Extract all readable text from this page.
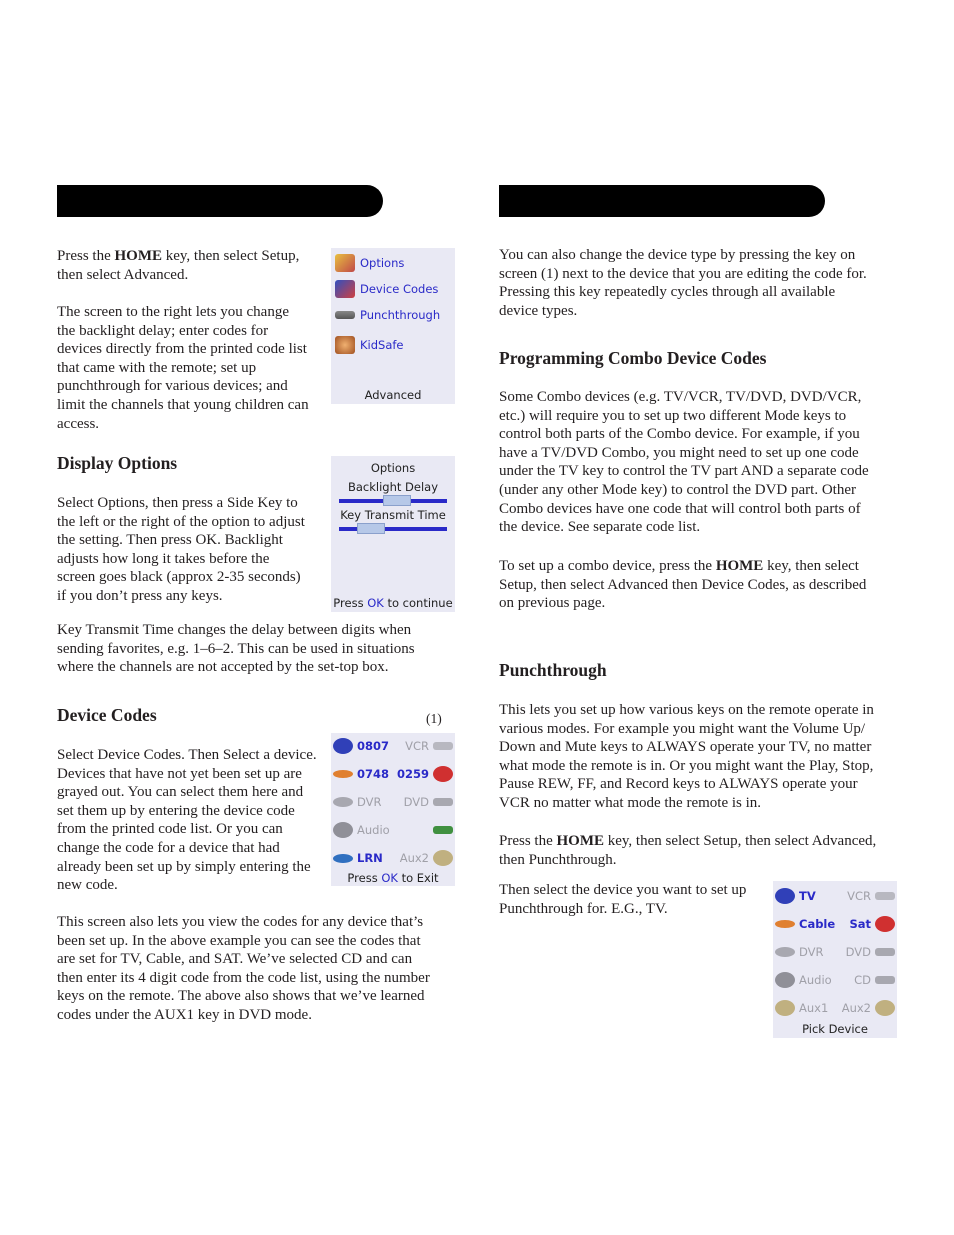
Press the HOME key, then select Setup,
then select Advanced.
The screen to the right lets you change
the backlight delay; enter codes for
devices directly from the printed code list
that came with the remote; set up
punchthrough for various devices; and
limit the channels that young children can
access.
Display Options
Select Options, then press a Side Key to
the left or the right of the option to adjust
the setting. Then press OK. Backlight
adjusts how long it takes before the
screen goes black (approx 2-35 seconds)
if you don’t press any keys.
Key Transmit Time changes the delay between digits when
sending favorites, e.g. 1–6–2. This can be used in situations
where the channels are not accepted by the set-top box.
Device Codes	(1)
Select Device Codes. Then Select a device.
Devices that have not yet been set up are
grayed out. You can select them here and
set them up by entering the device code
from the printed code list. Or you can
change the code for a device that had
already been set up by simply entering the
new code.
This screen also lets you view the codes for any device that’s
been set up. In the above example you can see the codes that
are set for TV, Cable, and SAT. We’ve selected CD and can
then enter its 4 digit code from the code list, using the number
keys on the remote. The above also shows that we’ve learned
codes under the AUX1 key in DVD mode.
Options
Device Codes
Punchthrough
KidSafe
Advanced
Options
Backlight Delay
Key Transmit Time
Press OK to continue
0807 VCR
0748 0259
DVR DVD
Audio
LRN Aux2
Press OK to Exit
You can also change the device type by pressing the key on
screen (1) next to the device that you are editing the code for.
Pressing this key repeatedly cycles through all available
device types.
Programming Combo Device Codes
Some Combo devices (e.g. TV/VCR, TV/DVD, DVD/VCR,
etc.) will require you to set up two different Mode keys to
control both parts of the Combo device. For example, if you
have a TV/DVD Combo, you might need to set up one code
under the TV key to control the TV part AND a separate code
(under any other Mode key) to control the DVD part. Other
Combo devices have one code that will control both parts of
the device. See separate code list.
To set up a combo device, press the HOME key, then select
Setup, then select Advanced then Device Codes, as described
on previous page.
Punchthrough
This lets you set up how various keys on the remote operate in
various modes. For example you might want the Volume Up/
Down and Mute keys to ALWAYS operate your TV, no matter
what mode the remote is in. Or you might want the Play, Stop,
Pause REW, FF, and Record keys to ALWAYS operate your
VCR no matter what mode the remote is in.
Press the HOME key, then select Setup, then select Advanced,
then Punchthrough.
Then select the device you want to set up
Punchthrough for. E.G., TV.
TV	VCR
Cable Sat
DVR DVD
Audio CD
Aux1 Aux2
Pick Device
